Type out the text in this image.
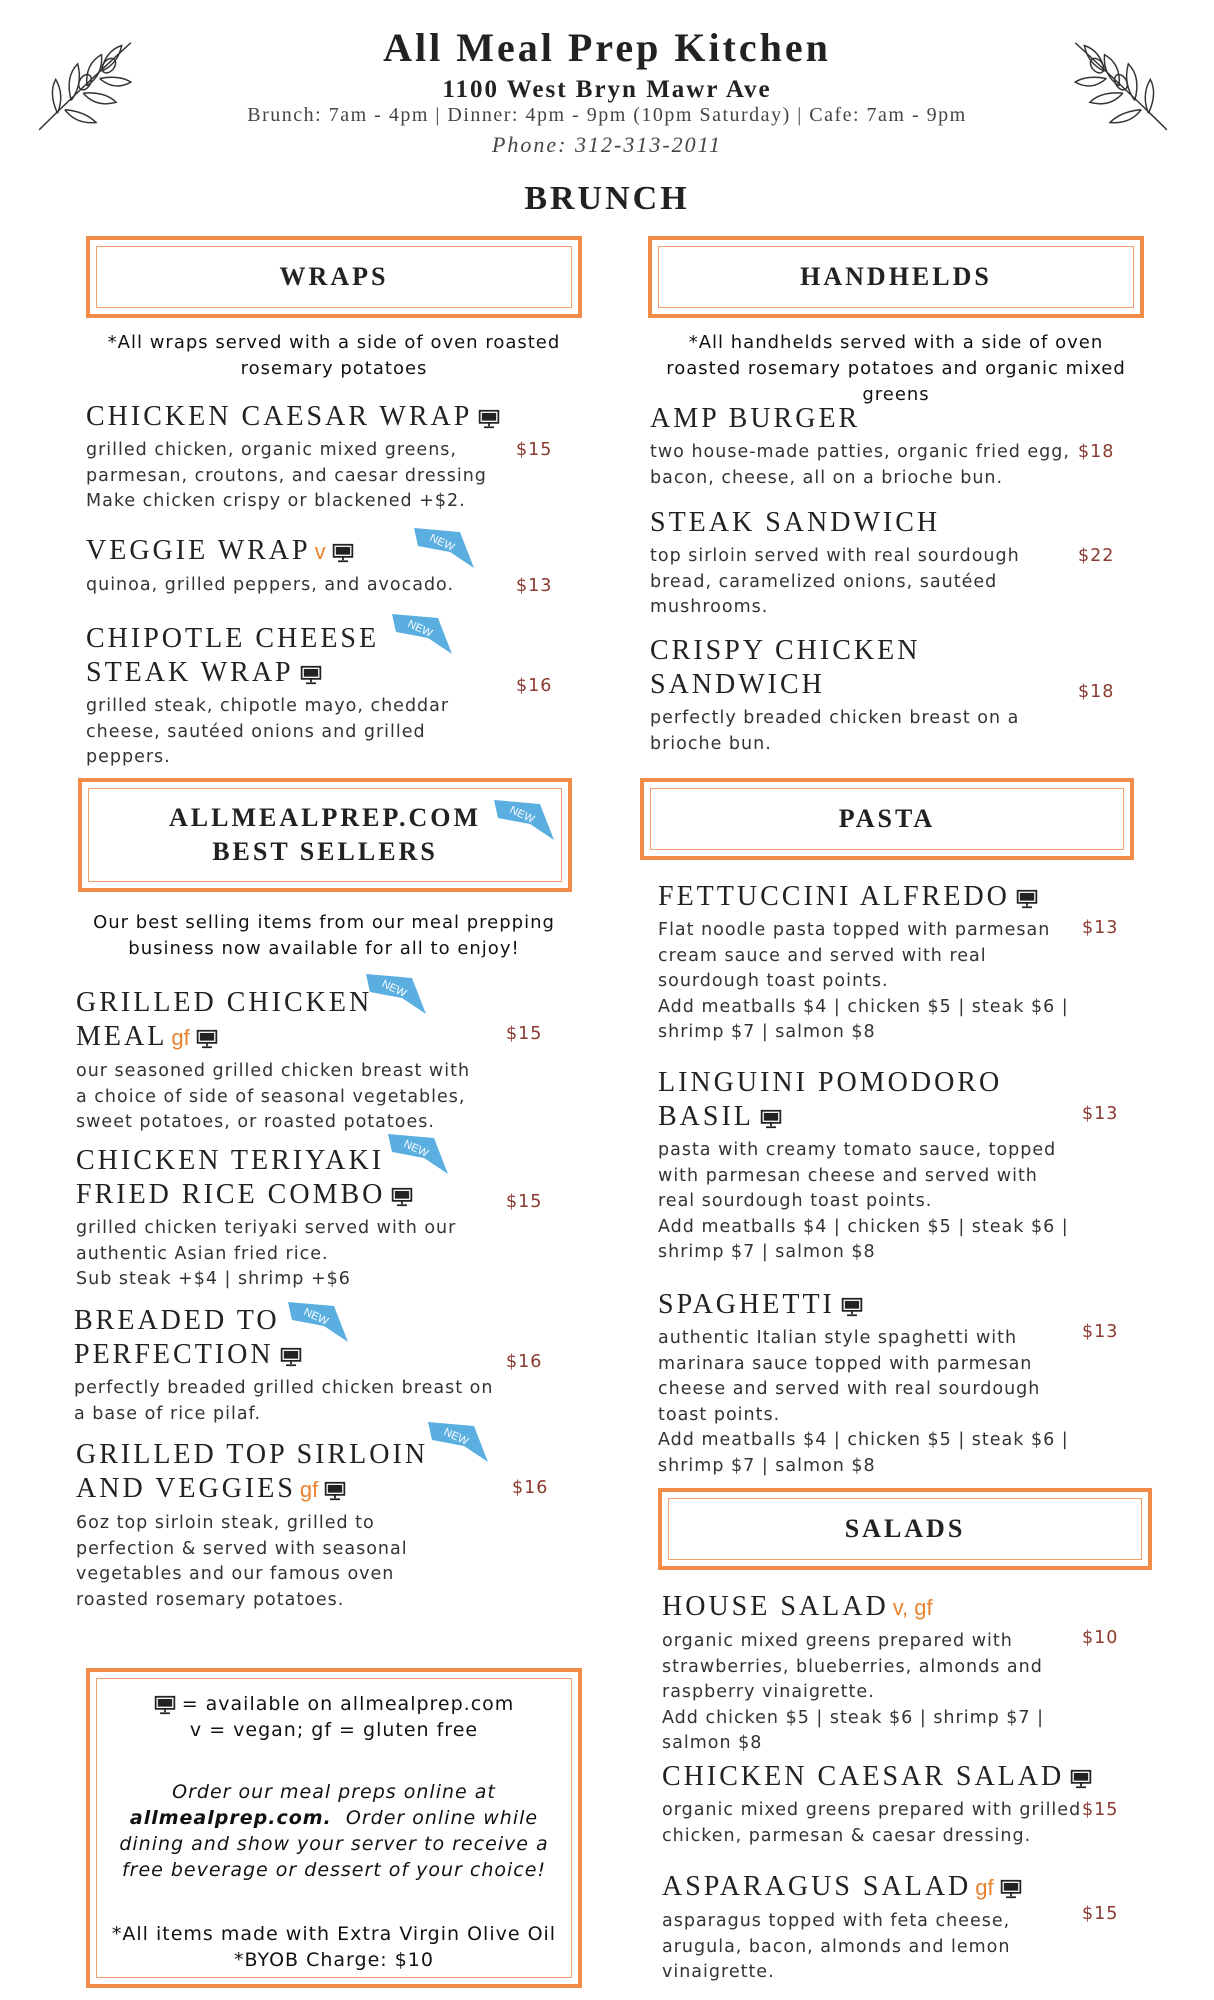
All Meal Prep Kitchen
1100 West Bryn Mawr Ave
Brunch: 7am - 4pm | Dinner: 4pm - 9pm (10pm Saturday) | Cafe: 7am - 9pm
Phone: 312-313-2011
BRUNCH
WRAPS
*All wraps served with a side of oven roasted rosemary potatoes
CHICKEN CAESAR WRAP
grilled chicken, organic mixed greens,
parmesan, croutons, and caesar dressing
Make chicken crispy or blackened +$2.
$15
VEGGIE WRAP v
quinoa, grilled peppers, and avocado.
NEW
$13
CHIPOTLE CHEESE
STEAK WRAP
grilled steak, chipotle mayo, cheddar
cheese, sautéed onions and grilled
peppers.
NEW
$16
HANDHELDS
*All handhelds served with a side of oven roasted rosemary potatoes and organic mixed greens
AMP BURGER
two house-made patties, organic fried egg,
bacon, cheese, all on a brioche bun.
$18
STEAK SANDWICH
top sirloin served with real sourdough
bread, caramelized onions, sautéed
mushrooms.
$22
CRISPY CHICKEN
SANDWICH
perfectly breaded chicken breast on a
brioche bun.
$18
ALLMEALPREP.COM
BEST SELLERS
NEW
Our best selling items from our meal prepping business now available for all to enjoy!
GRILLED CHICKEN
MEAL gf
our seasoned grilled chicken breast with
a choice of side of seasonal vegetables,
sweet potatoes, or roasted potatoes.
NEW
$15
CHICKEN TERIYAKI
FRIED RICE COMBO
grilled chicken teriyaki served with our
authentic Asian fried rice.
Sub steak +$4 | shrimp +$6
NEW
$15
BREADED TO
PERFECTION
perfectly breaded grilled chicken breast on
a base of rice pilaf.
NEW
$16
GRILLED TOP SIRLOIN
AND VEGGIES gf
6oz top sirloin steak, grilled to
perfection & served with seasonal
vegetables and our famous oven
roasted rosemary potatoes.
NEW
$16
PASTA
FETTUCCINI ALFREDO
Flat noodle pasta topped with parmesan
cream sauce and served with real
sourdough toast points.
Add meatballs $4 | chicken $5 | steak $6 |
shrimp $7 | salmon $8
$13
LINGUINI POMODORO
BASIL
pasta with creamy tomato sauce, topped
with parmesan cheese and served with
real sourdough toast points.
Add meatballs $4 | chicken $5 | steak $6 |
shrimp $7 | salmon $8
$13
SPAGHETTI
authentic Italian style spaghetti with
marinara sauce topped with parmesan
cheese and served with real sourdough
toast points.
Add meatballs $4 | chicken $5 | steak $6 |
shrimp $7 | salmon $8
$13
SALADS
HOUSE SALAD v, gf
organic mixed greens prepared with
strawberries, blueberries, almonds and
raspberry vinaigrette.
Add chicken $5 | steak $6 | shrimp $7 |
salmon $8
$10
CHICKEN CAESAR SALAD
organic mixed greens prepared with grilled
chicken, parmesan & caesar dressing.
$15
ASPARAGUS SALAD gf
asparagus topped with feta cheese,
arugula, bacon, almonds and lemon
vinaigrette.
$15
= available on allmealprep.com
v = vegan; gf = gluten free
Order our meal preps online at
allmealprep.com. Order online while
dining and show your server to receive a
free beverage or dessert of your choice!
*All items made with Extra Virgin Olive Oil
*BYOB Charge: $10
